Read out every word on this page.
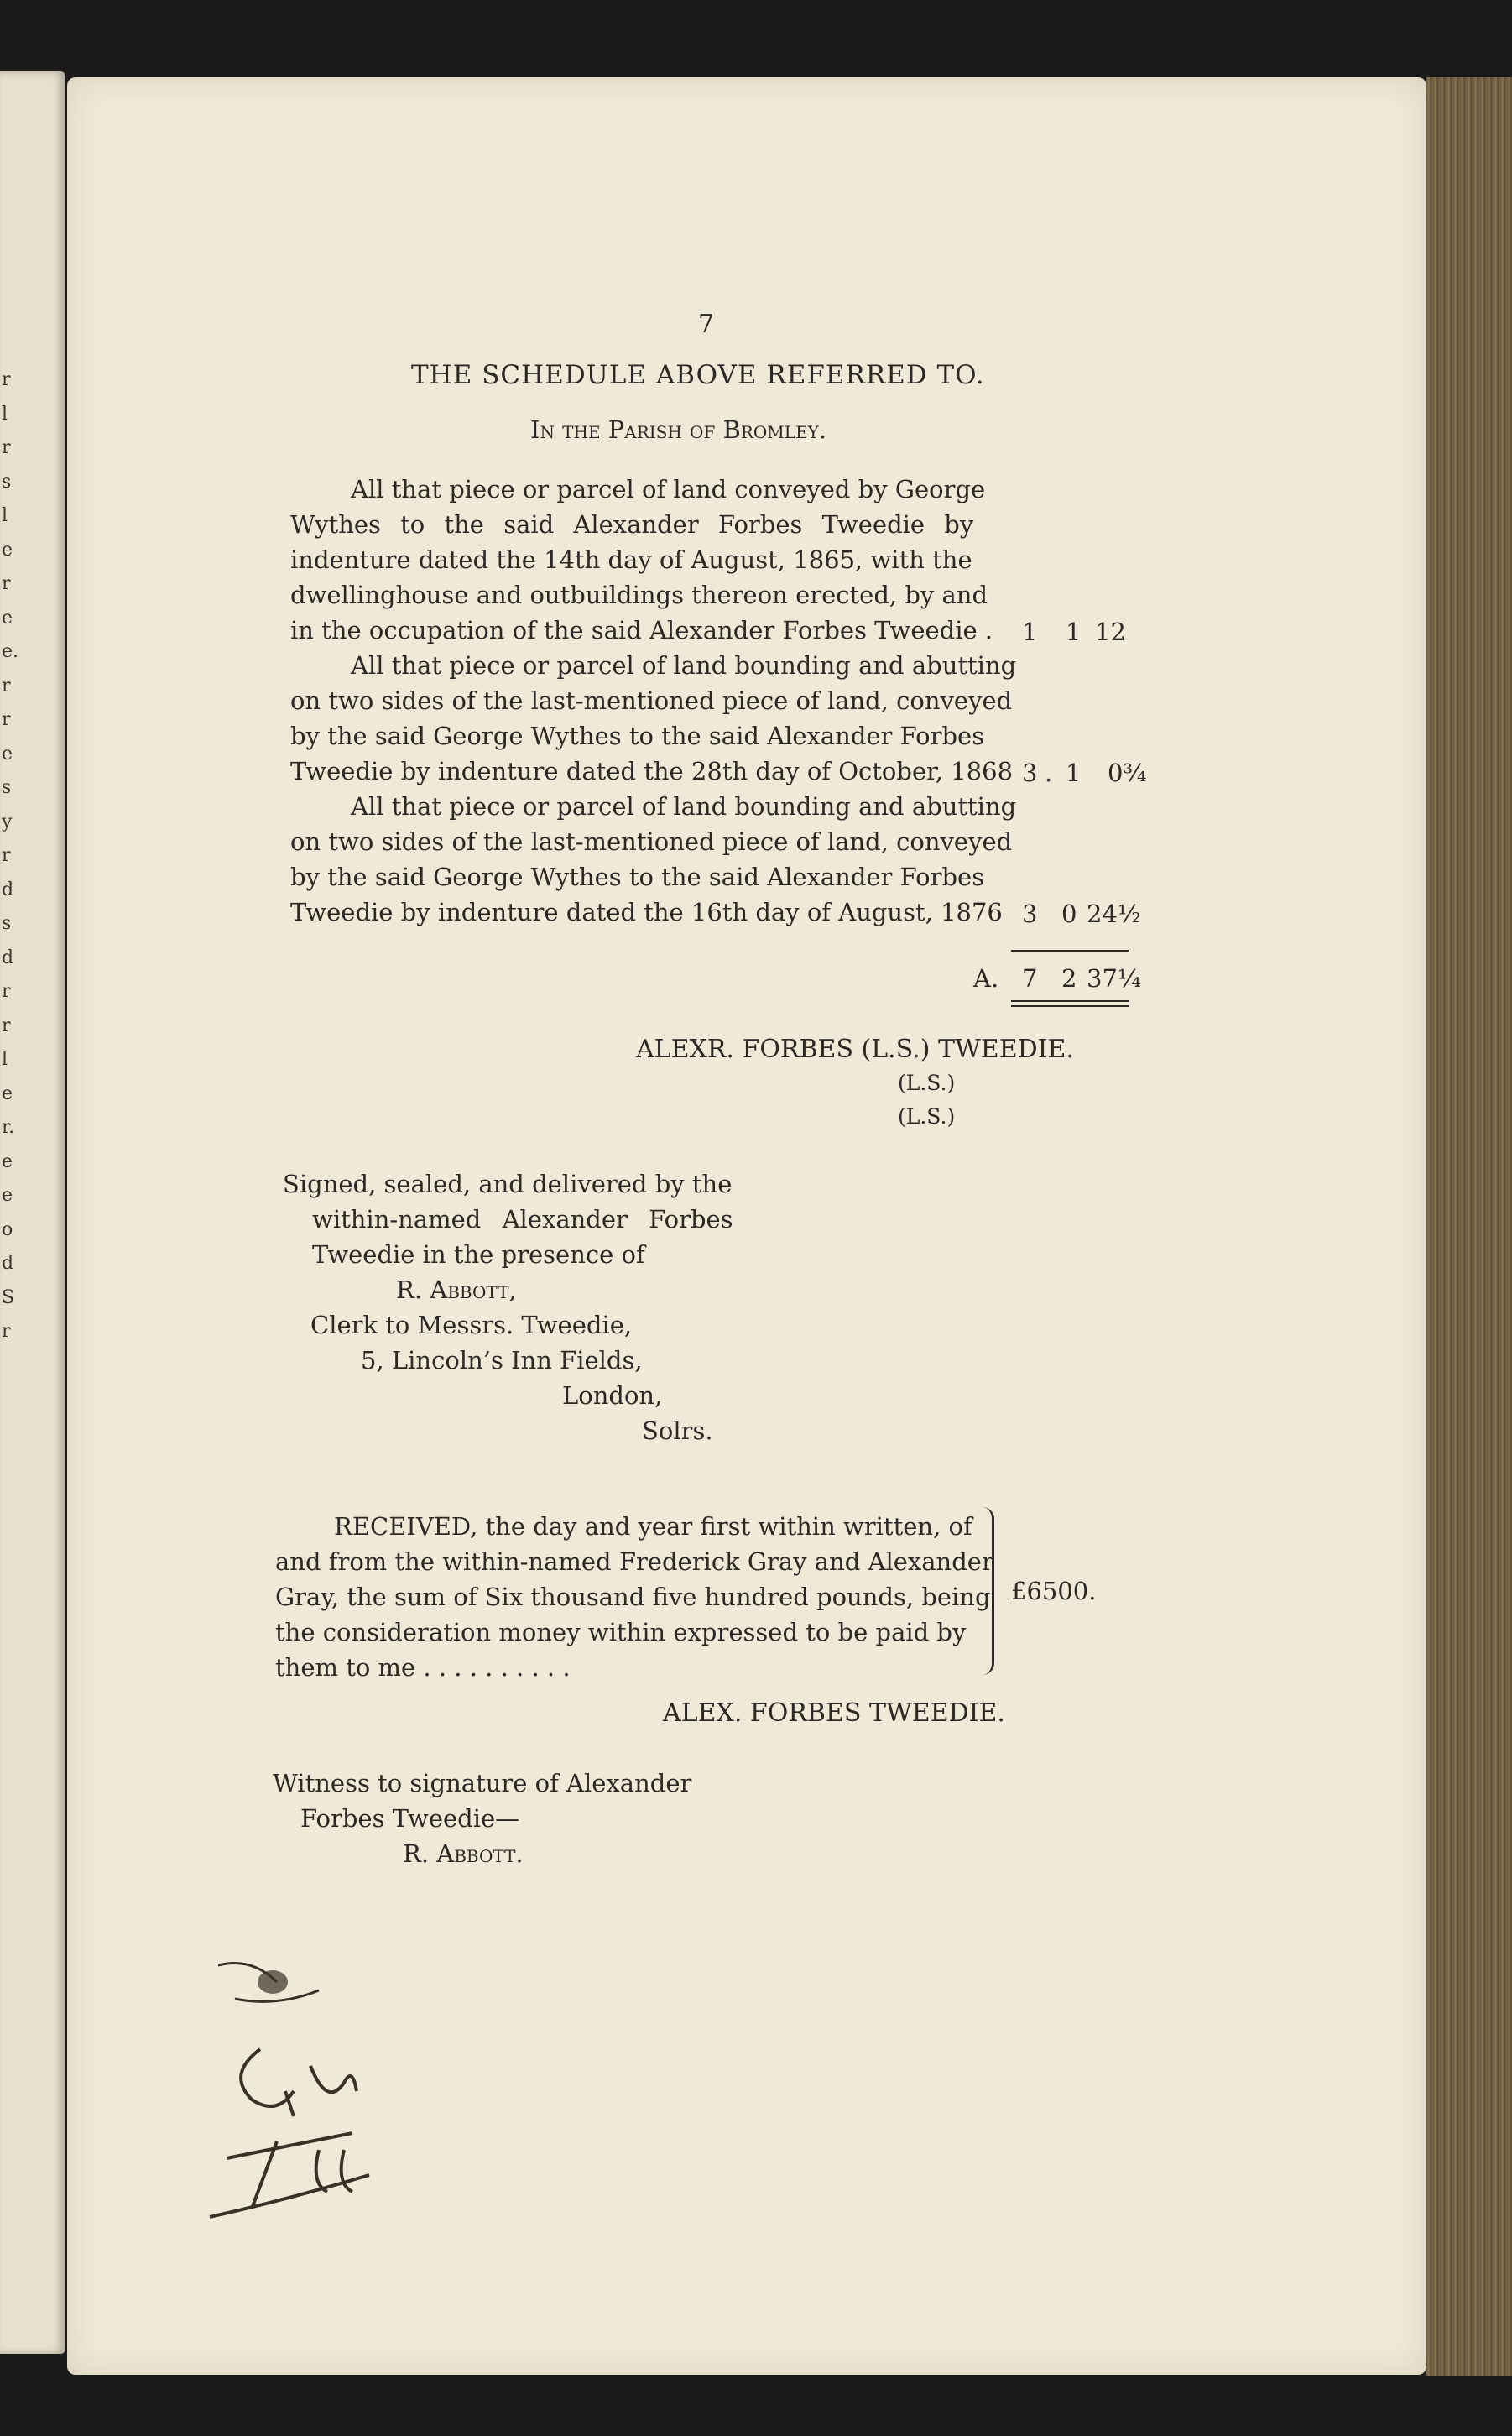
r
l
r
s
l
e
r
e
e.
r
r
e
s
y
r
d
s
d
r
r
l
e
r.
e
e
o
d
S
r
7
THE SCHEDULE ABOVE REFERRED TO.
In the Parish of Bromley.
All that piece or parcel of land conveyed by George
Wythes to the said Alexander Forbes Tweedie by
indenture dated the 14th day of August, 1865, with the
dwellinghouse and outbuildings thereon erected, by and
in the occupation of the said Alexander Forbes Tweedie . 1 1 12
All that piece or parcel of land bounding and abutting
on two sides of the last-mentioned piece of land, conveyed
by the said George Wythes to the said Alexander Forbes
Tweedie by indenture dated the 28th day of October, 1868 3 . 1 0¾
All that piece or parcel of land bounding and abutting
on two sides of the last-mentioned piece of land, conveyed
by the said George Wythes to the said Alexander Forbes
Tweedie by indenture dated the 16th day of August, 1876 3 0 24½
A. 7 2 37¼
ALEXR. FORBES (L.S.) TWEEDIE.
(L.S.)
(L.S.)
Signed, sealed, and delivered by the
within-named Alexander Forbes
Tweedie in the presence of
R. Abbott,
Clerk to Messrs. Tweedie,
5, Lincoln’s Inn Fields,
London,
Solrs.
RECEIVED, the day and year first within written, of
and from the within-named Frederick Gray and Alexander
Gray, the sum of Six thousand five hundred pounds, being
the consideration money within expressed to be paid by
them to me . . . . . . . . . .
£6500.
ALEX. FORBES TWEEDIE.
Witness to signature of Alexander
Forbes Tweedie—
R. Abbott.
